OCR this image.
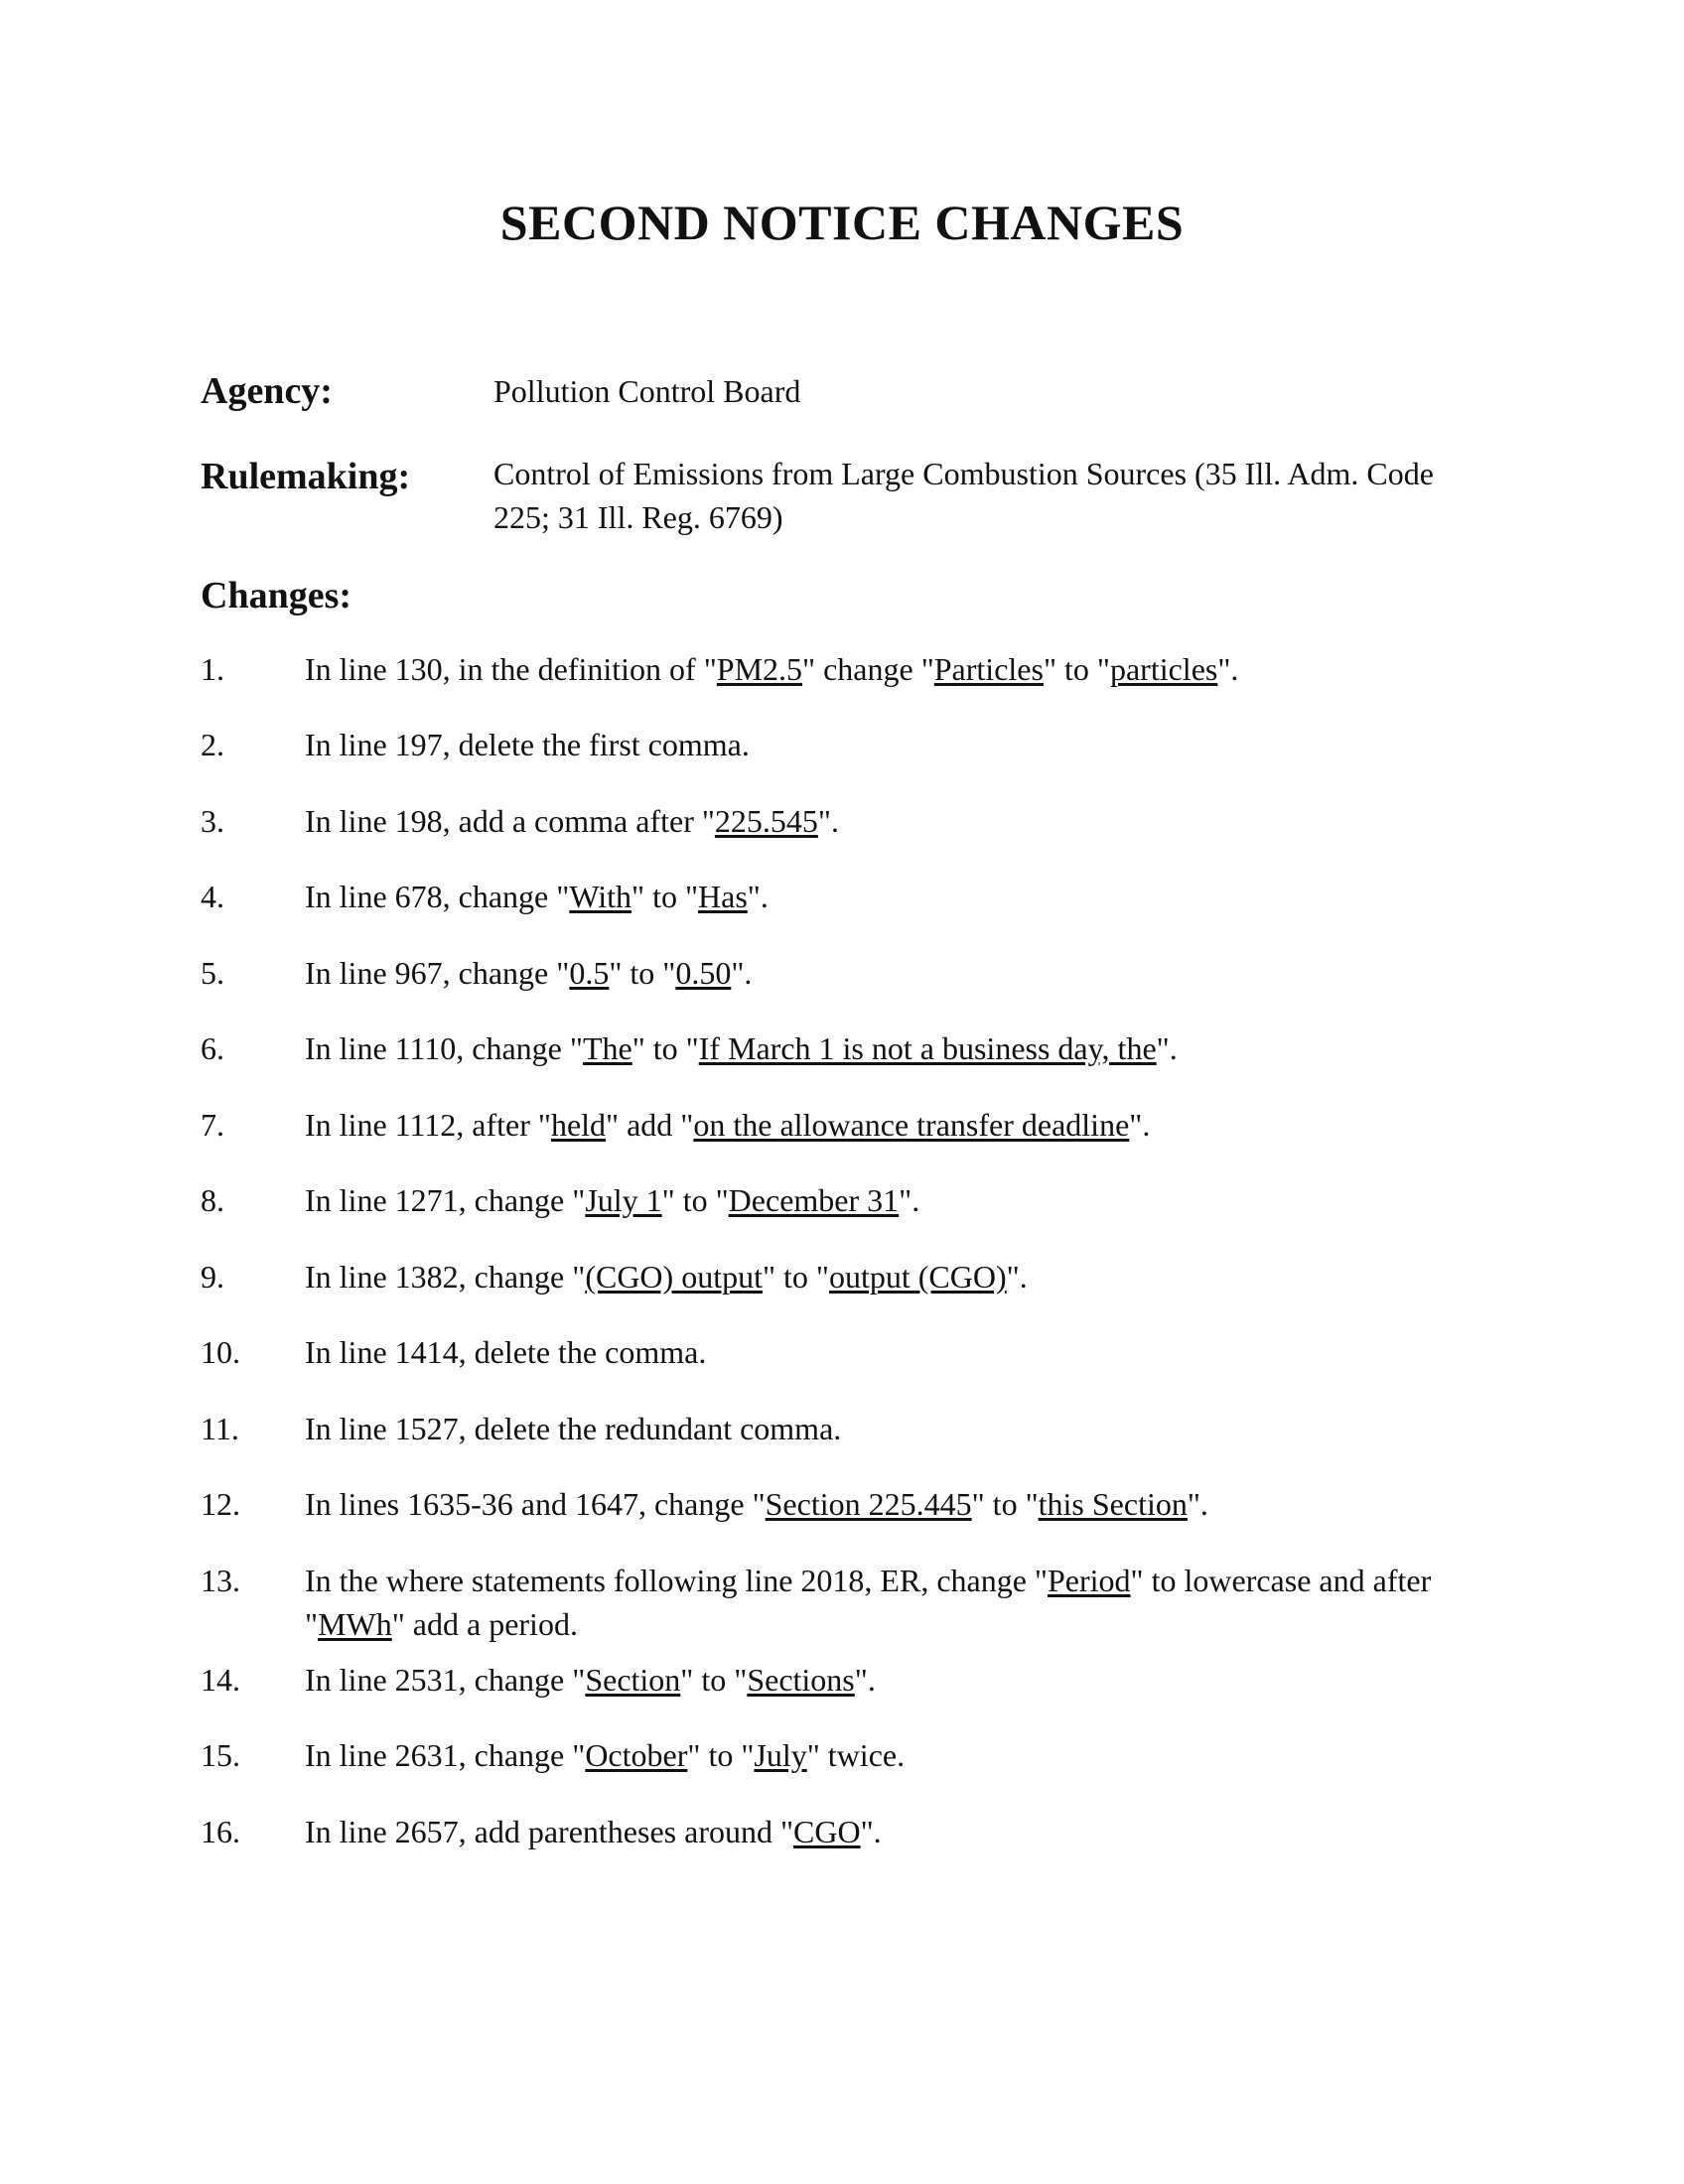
SECOND NOTICE CHANGES
Agency:	Pollution Control Board
Rulemaking:	Control of Emissions from Large Combustion Sources (35 Ill. Adm. Code
225; 31 Ill. Reg. 6769)
Changes:
1.	In line 130, in the definition of "PM2.5" change "Particles" to "particles".
2.	In line 197, delete the first comma.
3.	In line 198, add a comma after "225.545".
4.	In line 678, change "With" to "Has".
5.	In line 967, change "0.5" to "0.50".
6.	In line 1110, change "The" to "If March 1 is not a business day, the".
7.	In line 1112, after "held" add "on the allowance transfer deadline".
8.	In line 1271, change "July 1" to "December 31".
9.	In line 1382, change "(CGO) output" to "output (CGO)".
10.	In line 1414, delete the comma.
11.	In line 1527, delete the redundant comma.
12.	In lines 1635-36 and 1647, change "Section 225.445" to "this Section".
13.	In the where statements following line 2018, ER, change "Period" to lowercase and after "MWh" add a period.
14.	In line 2531, change "Section" to "Sections".
15.	In line 2631, change "October" to "July" twice.
16.	In line 2657, add parentheses around "CGO".
